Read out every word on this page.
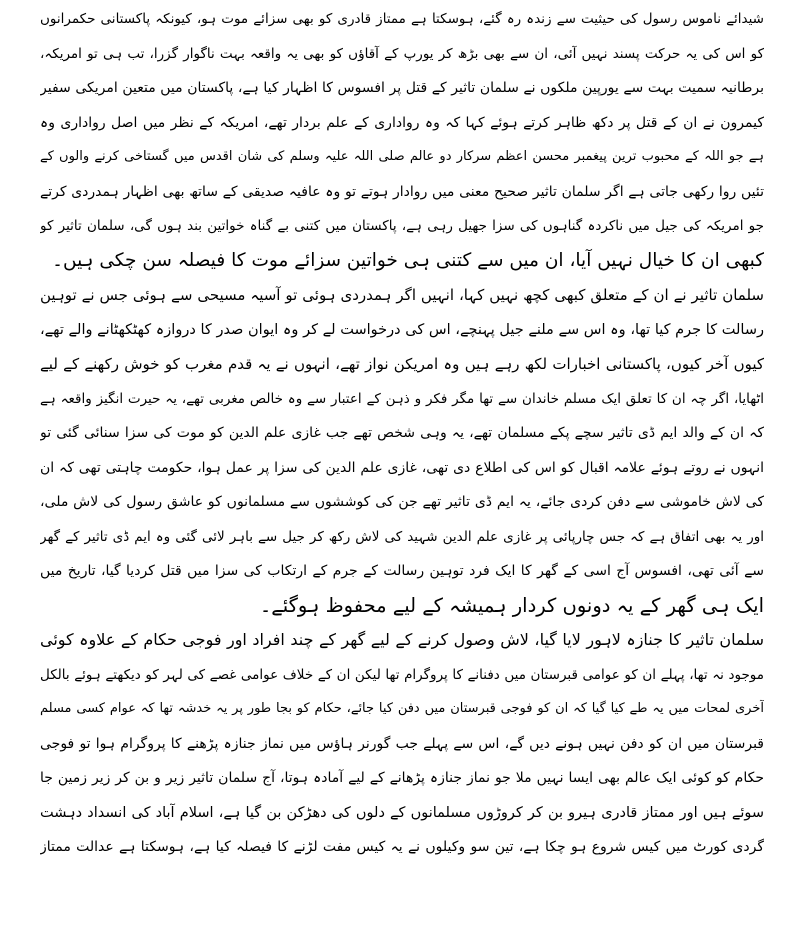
شیدائے ناموس رسول کی حیثیت سے زندہ رہ گئے، ہوسکتا ہے ممتاز قادری کو بھی سزائے موت ہو، کیونکہ پاکستانی حکمرانوں
کو اس کی یہ حرکت پسند نہیں آئی، ان سے بھی بڑھ کر یورپ کے آقاؤں کو بھی یہ واقعہ بہت ناگوار گزرا، تب ہی تو امریکہ،
برطانیہ سمیت بہت سے یورپین ملکوں نے سلمان تاثیر کے قتل پر افسوس کا اظہار کیا ہے، پاکستان میں متعین امریکی سفیر
کیمرون نے ان کے قتل پر دکھ ظاہر کرتے ہوئے کہا کہ وہ رواداری کے علم بردار تھے، امریکہ کے نظر میں اصل رواداری وہ
ہے جو اللہ کے محبوب ترین پیغمبر محسن اعظم سرکار دو عالم صلی اللہ علیہ وسلم کی شان اقدس میں گستاخی کرنے والوں کے
تئیں روا رکھی جاتی ہے اگر سلمان تاثیر صحیح معنی میں روادار ہوتے تو وہ عافیہ صدیقی کے ساتھ بھی اظہار ہمدردی کرتے
جو امریکہ کی جیل میں ناکردہ گناہوں کی سزا جھیل رہی ہے، پاکستان میں کتنی بے گناہ خواتین بند ہوں گی، سلمان تاثیر کو
کبھی ان کا خیال نہیں آیا، ان میں سے کتنی ہی خواتین سزائے موت کا فیصلہ سن چکی ہیں۔
سلمان تاثیر نے ان کے متعلق کبھی کچھ نہیں کہا، انہیں اگر ہمدردی ہوئی تو آسیہ مسیحی سے ہوئی جس نے توہین
رسالت کا جرم کیا تھا، وہ اس سے ملنے جیل پہنچے، اس کی درخواست لے کر وہ ایوان صدر کا دروازہ کھٹکھٹانے والے تھے،
کیوں آخر کیوں، پاکستانی اخبارات لکھ رہے ہیں وہ امریکن نواز تھے، انہوں نے یہ قدم مغرب کو خوش رکھنے کے لیے
اٹھایا، اگر چہ ان کا تعلق ایک مسلم خاندان سے تھا مگر فکر و ذہن کے اعتبار سے وہ خالص مغربی تھے، یہ حیرت انگیز واقعہ ہے
کہ ان کے والد ایم ڈی تاثیر سچے پکے مسلمان تھے، یہ وہی شخص تھے جب غازی علم الدین کو موت کی سزا سنائی گئی تو
انہوں نے روتے ہوئے علامہ اقبال کو اس کی اطلاع دی تھی، غازی علم الدین کی سزا پر عمل ہوا، حکومت چاہتی تھی کہ ان
کی لاش خاموشی سے دفن کردی جائے، یہ ایم ڈی تاثیر تھے جن کی کوششوں سے مسلمانوں کو عاشق رسول کی لاش ملی،
اور یہ بھی اتفاق ہے کہ جس چارپائی پر غازی علم الدین شہید کی لاش رکھ کر جیل سے باہر لائی گئی وہ ایم ڈی تاثیر کے گھر
سے آئی تھی، افسوس آج اسی کے گھر کا ایک فرد توہین رسالت کے جرم کے ارتکاب کی سزا میں قتل کردیا گیا، تاریخ میں
ایک ہی گھر کے یہ دونوں کردار ہمیشہ کے لیے محفوظ ہوگئے۔
سلمان تاثیر کا جنازہ لاہور لایا گیا، لاش وصول کرنے کے لیے گھر کے چند افراد اور فوجی حکام کے علاوہ کوئی
موجود نہ تھا، پہلے ان کو عوامی قبرستان میں دفنانے کا پروگرام تھا لیکن ان کے خلاف عوامی غصے کی لہر کو دیکھتے ہوئے بالکل
آخری لمحات میں یہ طے کیا گیا کہ ان کو فوجی قبرستان میں دفن کیا جائے، حکام کو بجا طور پر یہ خدشہ تھا کہ عوام کسی مسلم
قبرستان میں ان کو دفن نہیں ہونے دیں گے، اس سے پہلے جب گورنر ہاؤس میں نماز جنازہ پڑھنے کا پروگرام ہوا تو فوجی
حکام کو کوئی ایک عالم بھی ایسا نہیں ملا جو نماز جنازہ پڑھانے کے لیے آمادہ ہوتا، آج سلمان تاثیر زیر و بن کر زیر زمین جا
سوئے ہیں اور ممتاز قادری ہیرو بن کر کروڑوں مسلمانوں کے دلوں کی دھڑکن بن گیا ہے، اسلام آباد کی انسداد دہشت
گردی کورٹ میں کیس شروع ہو چکا ہے، تین سو وکیلوں نے یہ کیس مفت لڑنے کا فیصلہ کیا ہے، ہوسکتا ہے عدالت ممتاز
